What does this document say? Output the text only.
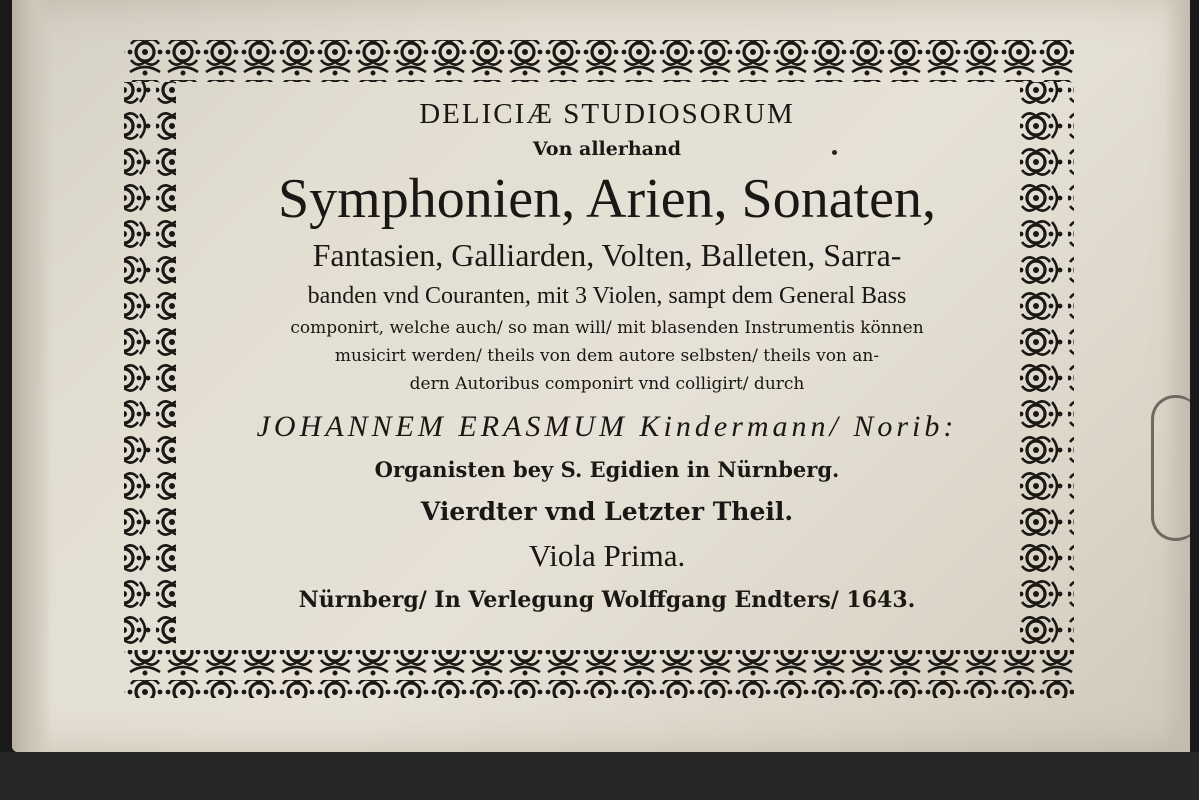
DELICIÆ STUDIOSORUM
Von allerhand
Symphonien, Arien, Sonaten,
Fantasien, Galliarden, Volten, Balleten, Sarra-
banden vnd Couranten, mit 3 Violen, sampt dem General Bass
componirt, welche auch/ so man will/ mit blasenden Instrumentis können
musicirt werden/ theils von dem autore selbsten/ theils von an-
dern Autoribus componirt vnd colligirt/ durch
JOHANNEM ERASMUM Kindermann/ Norib:
Organisten bey S. Egidien in Nürnberg.
Vierdter vnd Letzter Theil.
Viola Prima.
Nürnberg/ In Verlegung Wolffgang Endters/ 1643.
